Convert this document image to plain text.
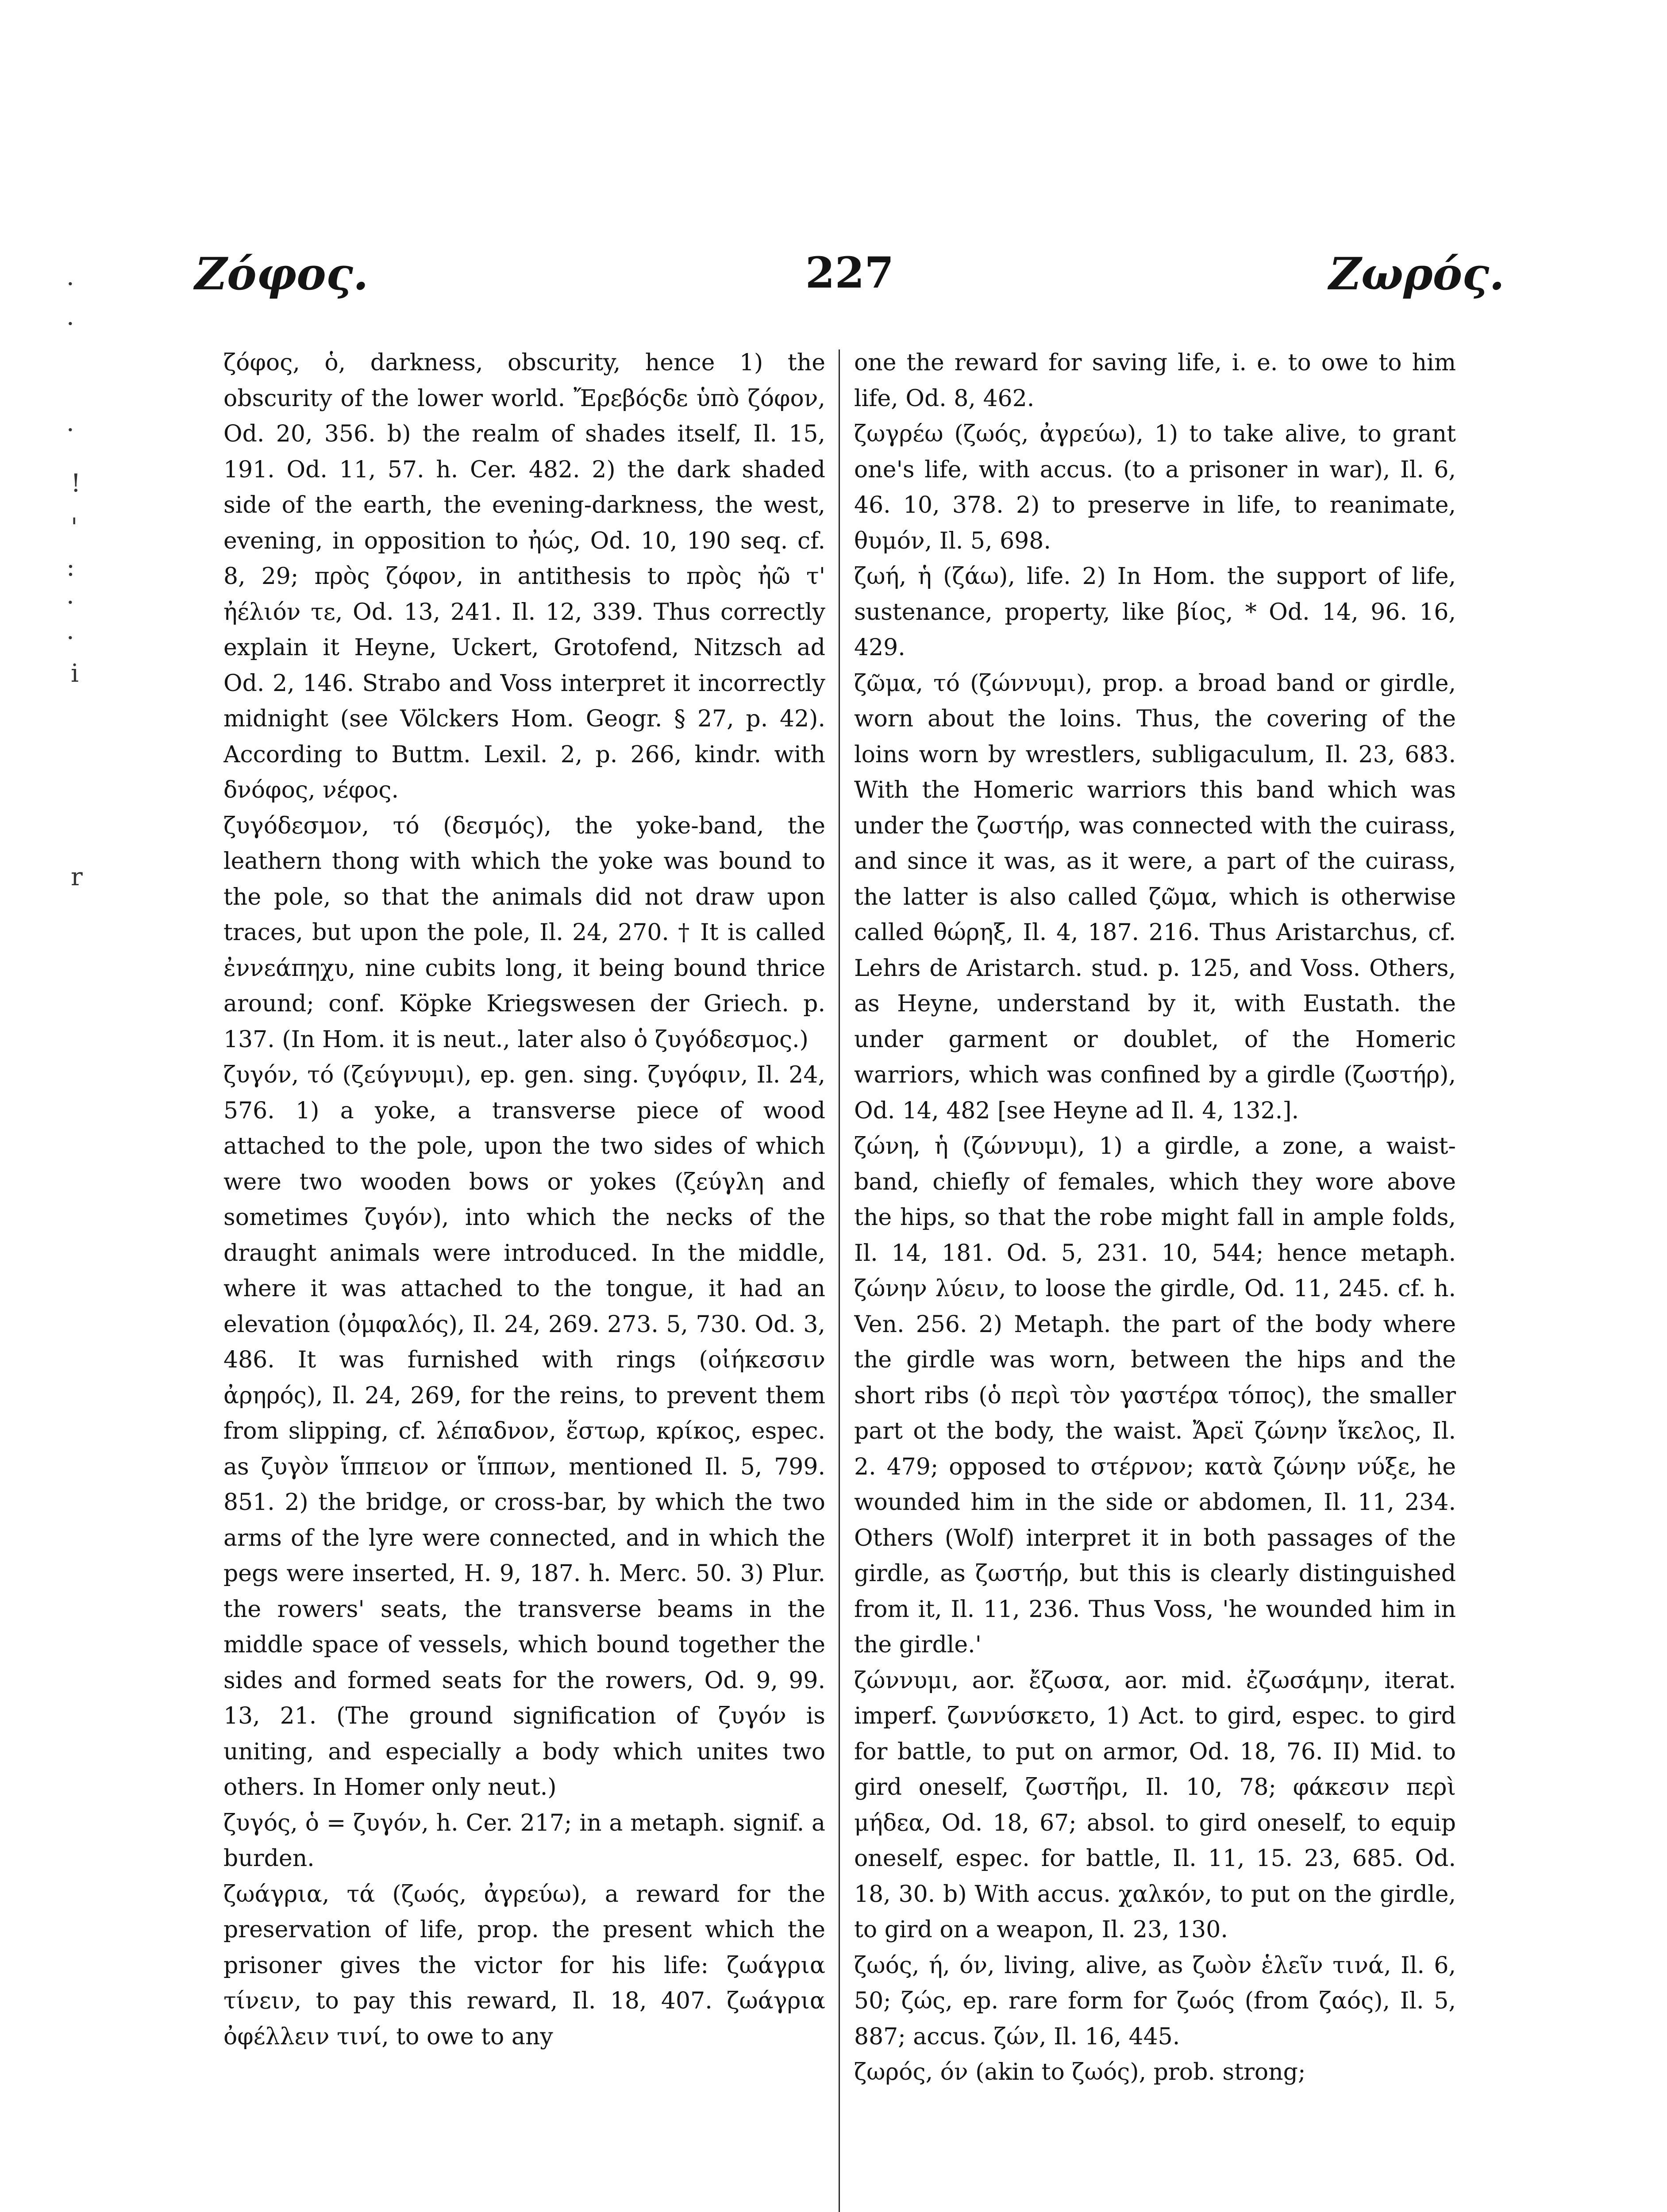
Ζόφος.	227	Ζωρός.
·
·
·
!
'
:
·
·
i
r

ζόφος, ὁ, darkness, obscurity, hence 1) the obscurity of the lower world. Ἔρεβόςδε ὑπὸ ζόφον, Od. 20, 356. b) the realm of shades itself, Il. 15, 191. Od. 11, 57. h. Cer. 482. 2) the dark shaded side of the earth, the evening-darkness, the west, evening, in opposition to ἠώς, Od. 10, 190 seq. cf. 8, 29; πρὸς ζόφον, in antithesis to πρὸς ἠῶ τ' ἠέλιόν τε, Od. 13, 241. Il. 12, 339. Thus correctly explain it Heyne, Uckert, Grotofend, Nitzsch ad Od. 2, 146. Strabo and Voss interpret it incorrectly midnight (see Völckers Hom. Geogr. § 27, p. 42). According to Buttm. Lexil. 2, p. 266, kindr. with δνόφος, νέφος.

ζυγόδεσμον, τό (δεσμός), the yoke-band, the leathern thong with which the yoke was bound to the pole, so that the animals did not draw upon traces, but upon the pole, Il. 24, 270. † It is called ἐννεάπηχυ, nine cubits long, it being bound thrice around; conf. Köpke Kriegswesen der Griech. p. 137. (In Hom. it is neut., later also ὁ ζυγόδεσμος.)

ζυγόν, τό (ζεύγνυμι), ep. gen. sing. ζυγόφιν, Il. 24, 576. 1) a yoke, a transverse piece of wood attached to the pole, upon the two sides of which were two wooden bows or yokes (ζεύγλη and sometimes ζυγόν), into which the necks of the draught animals were introduced. In the middle, where it was attached to the tongue, it had an elevation (ὀμφαλός), Il. 24, 269. 273. 5, 730. Od. 3, 486. It was furnished with rings (οἰήκεσσιν ἀρηρός), Il. 24, 269, for the reins, to prevent them from slipping, cf. λέπαδνον, ἕστωρ, κρίκος, espec. as ζυγὸν ἵππειον or ἵππων, mentioned Il. 5, 799. 851. 2) the bridge, or cross-bar, by which the two arms of the lyre were connected, and in which the pegs were inserted, H. 9, 187. h. Merc. 50. 3) Plur. the rowers' seats, the transverse beams in the middle space of vessels, which bound together the sides and formed seats for the rowers, Od. 9, 99. 13, 21. (The ground signification of ζυγόν is uniting, and especially a body which unites two others. In Homer only neut.)

ζυγός, ὁ = ζυγόν, h. Cer. 217; in a metaph. signif. a burden.

ζωάγρια, τά (ζωός, ἀγρεύω), a reward for the preservation of life, prop. the present which the prisoner gives the victor for his life: ζωάγρια τίνειν, to pay this reward, Il. 18, 407. ζωάγρια ὀφέλλειν τινί, to owe to any

one the reward for saving life, i. e. to owe to him life, Od. 8, 462.

ζωγρέω (ζωός, ἀγρεύω), 1) to take alive, to grant one's life, with accus. (to a prisoner in war), Il. 6, 46. 10, 378. 2) to preserve in life, to reanimate, θυμόν, Il. 5, 698.

ζωή, ἡ (ζάω), life. 2) In Hom. the support of life, sustenance, property, like βίος, * Od. 14, 96. 16, 429.

ζῶμα, τό (ζώννυμι), prop. a broad band or girdle, worn about the loins. Thus, the covering of the loins worn by wrestlers, subligaculum, Il. 23, 683. With the Homeric warriors this band which was under the ζωστήρ, was connected with the cuirass, and since it was, as it were, a part of the cuirass, the latter is also called ζῶμα, which is otherwise called θώρηξ, Il. 4, 187. 216. Thus Aristarchus, cf. Lehrs de Aristarch. stud. p. 125, and Voss. Others, as Heyne, understand by it, with Eustath. the under garment or doublet, of the Homeric warriors, which was confined by a girdle (ζωστήρ), Od. 14, 482 [see Heyne ad Il. 4, 132.].

ζώνη, ἡ (ζώννυμι), 1) a girdle, a zone, a waist-band, chiefly of females, which they wore above the hips, so that the robe might fall in ample folds, Il. 14, 181. Od. 5, 231. 10, 544; hence metaph. ζώνην λύειν, to loose the girdle, Od. 11, 245. cf. h. Ven. 256. 2) Metaph. the part of the body where the girdle was worn, between the hips and the short ribs (ὁ περὶ τὸν γαστέρα τόπος), the smaller part ot the body, the waist. Ἄρεϊ ζώνην ἴκελος, Il. 2. 479; opposed to στέρνον; κατὰ ζώνην νύξε, he wounded him in the side or abdomen, Il. 11, 234. Others (Wolf) interpret it in both passages of the girdle, as ζωστήρ, but this is clearly distinguished from it, Il. 11, 236. Thus Voss, 'he wounded him in the girdle.'

ζώννυμι, aor. ἔζωσα, aor. mid. ἐζωσάμην, iterat. imperf. ζωννύσκετο, 1) Act. to gird, espec. to gird for battle, to put on armor, Od. 18, 76. II) Mid. to gird oneself, ζωστῆρι, Il. 10, 78; φάκεσιν περὶ μήδεα, Od. 18, 67; absol. to gird oneself, to equip oneself, espec. for battle, Il. 11, 15. 23, 685. Od. 18, 30. b) With accus. χαλκόν, to put on the girdle, to gird on a weapon, Il. 23, 130.

ζωός, ή, όν, living, alive, as ζωὸν ἑλεῖν τινά, Il. 6, 50; ζώς, ep. rare form for ζωός (from ζαός), Il. 5, 887; accus. ζών, Il. 16, 445.

ζωρός, όν (akin to ζωός), prob. strong;
